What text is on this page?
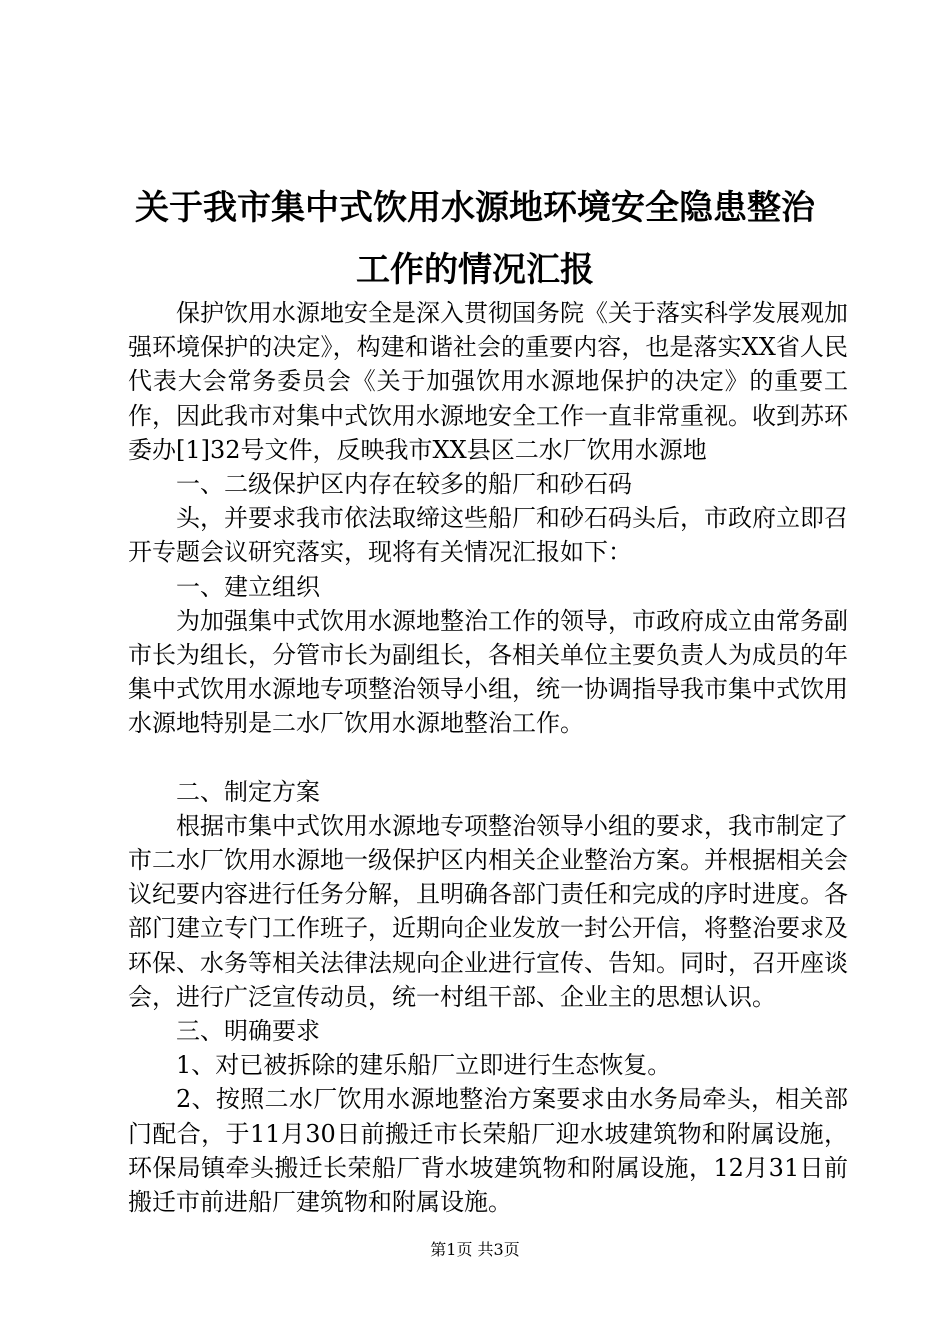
关于我市集中式饮用水源地环境安全隐患整治
工作的情况汇报

保护饮用水源地安全是深入贯彻国务院《关于落实科学发展观加强环境保护的决定》，构建和谐社会的重要内容，也是落实XX省人民代表大会常务委员会《关于加强饮用水源地保护的决定》的重要工作，因此我市对集中式饮用水源地安全工作一直非常重视。收到苏环委办[1]32号文件，反映我市XX县区二水厂饮用水源地

一、二级保护区内存在较多的船厂和砂石码

头，并要求我市依法取缔这些船厂和砂石码头后，市政府立即召开专题会议研究落实，现将有关情况汇报如下：

一、建立组织

为加强集中式饮用水源地整治工作的领导，市政府成立由常务副市长为组长，分管市长为副组长，各相关单位主要负责人为成员的年集中式饮用水源地专项整治领导小组，统一协调指导我市集中式饮用水源地特别是二水厂饮用水源地整治工作。

二、制定方案

根据市集中式饮用水源地专项整治领导小组的要求，我市制定了市二水厂饮用水源地一级保护区内相关企业整治方案。并根据相关会议纪要内容进行任务分解，且明确各部门责任和完成的序时进度。各部门建立专门工作班子，近期向企业发放一封公开信，将整治要求及环保、水务等相关法律法规向企业进行宣传、告知。同时，召开座谈会，进行广泛宣传动员，统一村组干部、企业主的思想认识。

三、明确要求

1、对已被拆除的建乐船厂立即进行生态恢复。

2、按照二水厂饮用水源地整治方案要求由水务局牵头，相关部门配合，于11月30日前搬迁市长荣船厂迎水坡建筑物和附属设施，环保局镇牵头搬迁长荣船厂背水坡建筑物和附属设施，12月31日前搬迁市前进船厂建筑物和附属设施。

第1页 共3页
